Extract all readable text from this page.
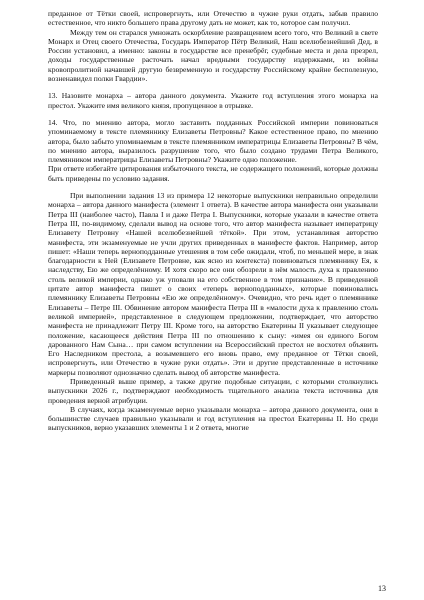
преданное от Тётки своей, испровергнуть, или Отечество в чужие руки отдать, забыв правило естественное, что никто большего права другому дать не может, как то, которое сам получил.

Между тем он старался умножать оскорбление развращением всего того, что Великий в свете Монарх и Отец своего Отечества, Государь Император Пётр Великий, Наш вселюбезнейший Дед, в России установил, а именно: законы в государстве все пренебрёг, судебные места и дела презрел, доходы государственные расточать начал вредными государству издержками, из войны кровопролитной начавшей другую безвременную и государству Российскому крайне бесполезную, возненавидел полки Гвардии».

13. Назовите монарха – автора данного документа. Укажите год вступления этого монарха на престол. Укажите имя великого князя, пропущенное в отрывке.

14. Что, по мнению автора, могло заставить подданных Российской империи повиноваться упоминаемому в тексте племяннику Елизаветы Петровны? Какое естественное право, по мнению автора, было забыто упоминаемым в тексте племянником императрицы Елизаветы Петровны? В чём, по мнению автора, выразилось разрушение того, что было создано трудами Петра Великого, племянником императрицы Елизаветы Петровны? Укажите одно положение.

При ответе избегайте цитирования избыточного текста, не содержащего положений, которые должны быть приведены по условию задания.

При выполнении задания 13 из примера 12 некоторые выпускники неправильно определили монарха – автора данного манифеста (элемент 1 ответа). В качестве автора манифеста они указывали Петра III (наиболее часто), Павла I и даже Петра I. Выпускники, которые указали в качестве ответа Петра III, по-видимому, сделали вывод на основе того, что автор манифеста называет императрицу Елизавету Петровну «Нашей вселюбезнейшей тёткой». При этом, устанавливая авторство манифеста, эти экзаменуемые не учли других приведенных в манифесте фактов. Например, автор пишет: «Наши теперь верноподданные утешения в том себе ожидали, чтоб, по меньшей мере, в знак благодарности к Ней (Елизавете Петровне, как ясно из контекста) повиноваться племяннику Ея, к наследству, Ею же определённому. И хотя скоро все они обозрели в нём малость духа к правлению столь великой империи, однако уж уповали на его собственное в том признание». В приведенной цитате автор манифеста пишет о своих «теперь верноподданных», которые повиновались племяннику Елизаветы Петровны «Ею же определённому». Очевидно, что речь идет о племяннике Елизаветы – Петре III. Обвинение автором манифеста Петра III в «малости духа к правлению столь великой империей», представленное в следующем предложении, подтверждает, что авторство манифеста не принадлежит Петру III. Кроме того, на авторство Екатерины II указывает следующее положение, касающееся действия Петра III по отношению к сыну: «имея он единого Богом дарованного Нам Сына… при самом вступлении на Всероссийский престол не восхотел объявить Его Наследником престола, а возымевшего его вновь право, ему преданное от Тётки своей, испровергнуть, или Отечество в чужие руки отдать». Эти и другие представленные в источнике маркеры позволяют однозначно сделать вывод об авторстве манифеста.

Приведенный выше пример, а также другие подобные ситуации, с которыми столкнулись выпускники 2026 г., подтверждают необходимость тщательного анализа текста источника для проведения верной атрибуции.

В случаях, когда экзаменуемые верно указывали монарха – автора данного документа, они в большинстве случаев правильно указывали и год вступления на престол Екатерины II. Но среди выпускников, верно указавших элементы 1 и 2 ответа, многие

13
